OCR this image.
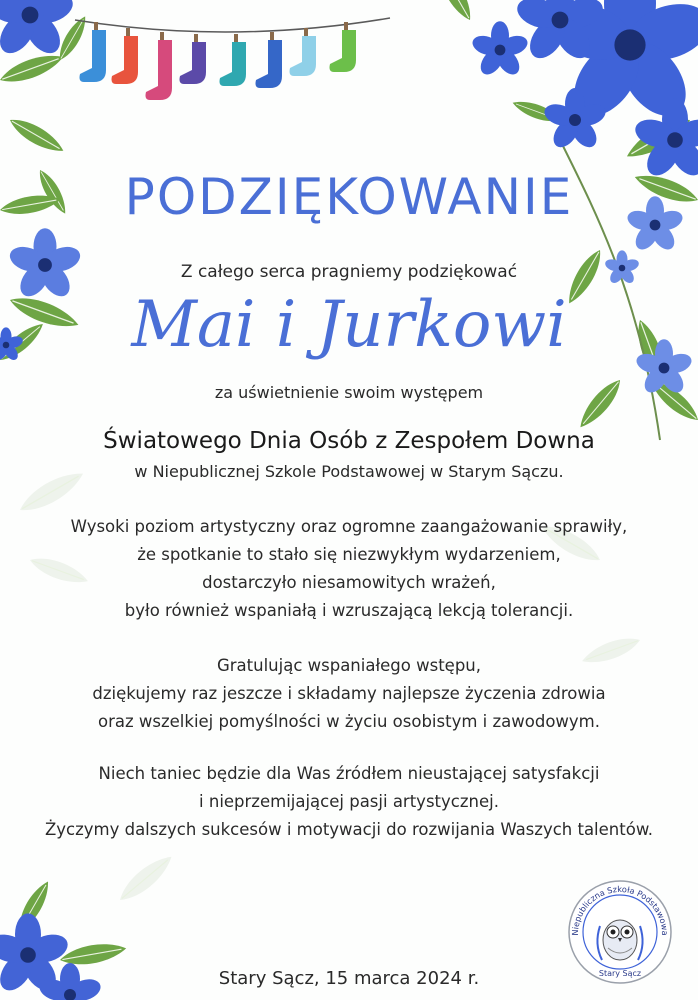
PODZIĘKOWANIE
Z całego serca pragniemy podziękować
Mai i Jurkowi
za uświetnienie swoim występem
Światowego Dnia Osób z Zespołem Downa
w Niepublicznej Szkole Podstawowej w Starym Sączu.
Wysoki poziom artystyczny oraz ogromne zaangażowanie sprawiły,
że spotkanie to stało się niezwykłym wydarzeniem,
dostarczyło niesamowitych wrażeń,
było również wspaniałą i wzruszającą lekcją tolerancji.
Gratulując wspaniałego wstępu,
dziękujemy raz jeszcze i składamy najlepsze życzenia zdrowia
oraz wszelkiej pomyślności w życiu osobistym i zawodowym.
Niech taniec będzie dla Was źródłem nieustającej satysfakcji
i nieprzemijającej pasji artystycznej.
Życzymy dalszych sukcesów i motywacji do rozwijania Waszych talentów.
Stary Sącz, 15 marca 2024 r.
Niepubliczna Szkoła Podstawowa
Stary Sącz
